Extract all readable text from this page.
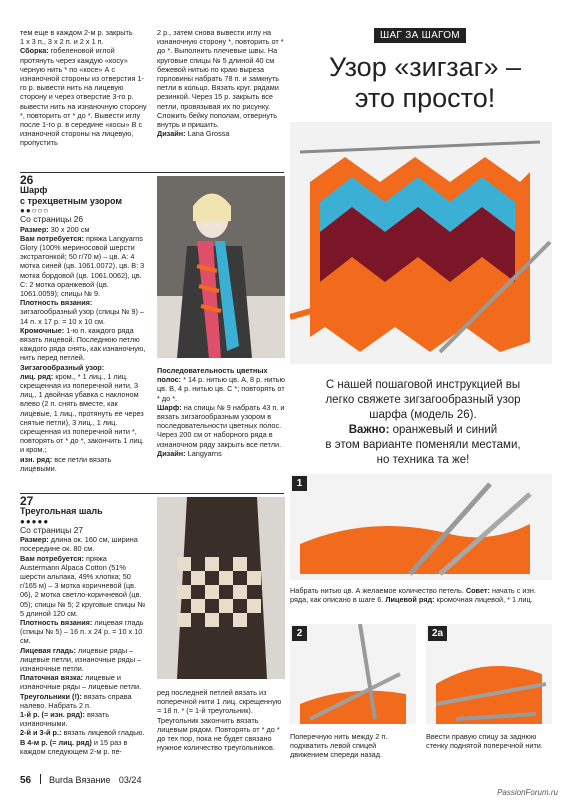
тем еще в каждом 2-м р. закрыть

1 х 3 п., 3 х 2 п. и 2 х 1 п.

Сборка: гобеленовой иглой протянуть через каждую «косу» черную нить * по «косе» А с изнаночной стороны из отверстия 1-го р. вывести нить на лицевую сторону и через отверстие 3-го р. вывести нить на изнаночную сторону *, повторить от * до *. Вывести иглу после 1-го р. в середине «косы» В с изнаночной стороны на лицевую, пропустить

2 р., затем снова вывести иглу на изнаночную сторону *, повторить от * до *. Выполнить плечевые швы. На круговые спицы № 5 длиной 40 см бежевой нитью по краю выреза горловины набрать 78 п. и замкнуть петли в кольцо. Вязать круг. рядами резинкой. Через 15 р. закрыть все петли, провязывая их по рисунку. Сложить бейку пополам, отвернуть внутрь и пришить.

Дизайн: Lana Grossa

ШАГ ЗА ШАГОМ
Узор «зигзаг» –
это просто!
С нашей пошаговой инструкцией вы
легко свяжете зигзагообразный узор
шарфа (модель 26).
Важно: оранжевый и синий
в этом варианте поменяли местами,
но техника та же!
26
Шарф
с трехцветным узором
●●○○○
Со страницы 26

Размер: 30 х 200 см

Вам потребуется: пряжа Langyarns Glory (100% мериносовой шерсти экстратонкой; 50 г/70 м) – цв. А: 4 мотка синей (цв. 1061.0072), цв. В: 3 мотка бордовой (цв. 1061.0062), цв. С: 2 мотка оранжевой (цв. 1061.0059); спицы № 9.

Плотность вязания: зигзагообразный узор (спицы № 9) – 14 п. х 17 р. = 10 х 10 см.

Кромочные: 1-ю п. каждого ряда вязать лицевой. Последнюю петлю каждого ряда снять, как изнаночную, нить перед петлей.

Зигзагообразный узор:

лиц. ряд: кром., * 1 лиц., 1 лиц. скрещенная из поперечной нити, 3 лиц., 1 двойная убавка с наклоном влево (2 п. снять вместе, как лицевые, 1 лиц., протянуть ее через снятые петли), 3 лиц., 1 лиц. скрещенная из поперечной нити *, повторять от * до *, закончить 1 лиц. и кром.;

изн. ряд: все петли вязать лицевыми.

Последовательность цветных полос: * 14 р. нитью цв. А, 8 р. нитью цв. В, 4 р. нитью цв. С *; повторять от * до *.

Шарф: на спицы № 9 набрать 43 п. и вязать зигзагообразным узором в последовательности цветных полос. Через 200 см от наборного ряда в изнаночном ряду закрыть все петли.

Дизайн: Langyarns

27
Треугольная шаль
●●●●●
Со страницы 27

Размер: длина ок. 160 см, ширина посередине ок. 80 см.

Вам потребуется: пряжа Austermann Alpaca Cotton (51% шерсти альпака, 49% хлопка; 50 г/165 м) – 3 мотка коричневой (цв. 06), 2 мотка светло-коричневой (цв. 05); спицы № 5; 2 круговые спицы № 5 длиной 120 см.

Плотность вязания: лицевая гладь (спицы № 5) – 16 п. х 24 р. = 10 х 10 см.

Лицевая гладь: лицевые ряды – лицевые петли, изнаночные ряды – изнаночные петли.

Платочная вязка: лицевые и изнаночные ряды – лицевые петли.

Треугольники (!): вязать справа налево. Набрать 2 п.

1-й р. (= изн. ряд): вязать изнаночными.

2-й и 3-й р.: вязать лицевой гладью.

В 4-м р. (= лиц. ряд) и 15 раз в каждом следующем 2-м р. пе-

ред последней петлей вязать из поперечной нити 1 лиц. скрещенную = 18 п. * (= 1-й треугольник). Треугольник закончить вязать лицевым рядом. Повторять от * до * до тех пор, пока не будет связано нужное количество треугольников.

1
Набрать нитью цв. А желаемое количество петель. Совет: начать с изн. ряда, как описано в шаге 6. Лицевой ряд: кромочная лицевой, * 1 лиц.
2	2a
Поперечную нить между 2 п. подхватить левой спицей движением спереди назад.
Ввести правую спицу за заднюю стенку поднятой поперечной нити.
56 Burda Вязание 03/24
PassionForum.ru
